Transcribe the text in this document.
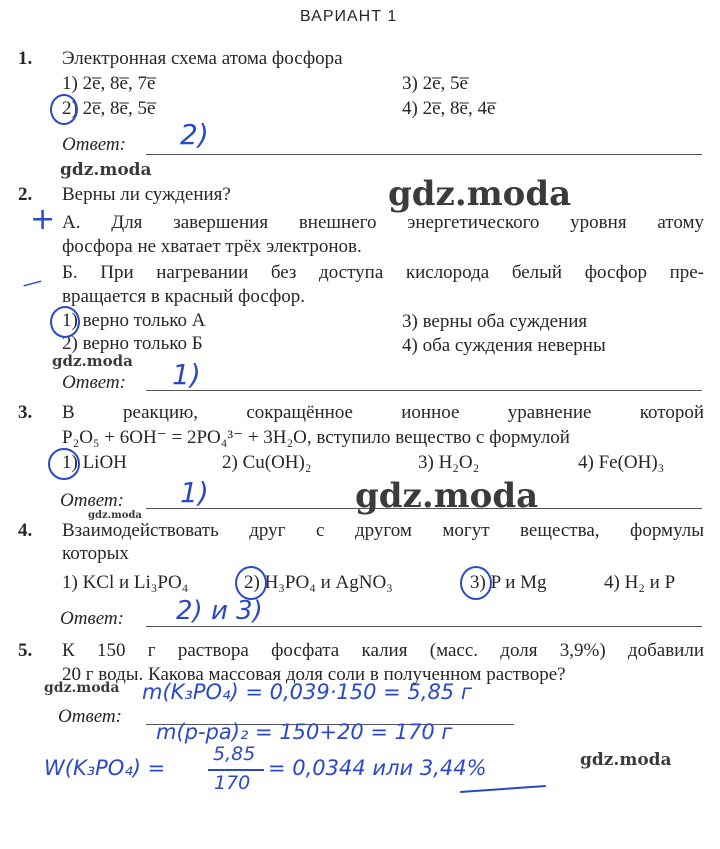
ВАРИАНТ 1
1. Электронная схема атома фосфора
1) 2e̅, 8e̅, 7e̅
2) 2e̅, 8e̅, 5e̅
3) 2e̅, 5e̅
4) 2e̅, 8e̅, 4e̅
Ответ: 2)
gdz.moda
2. Верны ли суждения?	gdz.moda
+ А. Для завершения внешнего энергетического уровня атому
фосфора не хватает трёх электронов.
— Б. При нагревании без доступа кислорода белый фосфор пре-
вращается в красный фосфор.
1) верно только А
2) верно только Б
3) верны оба суждения
4) оба суждения неверны
gdz.moda
Ответ: 1)
3. В реакцию, сокращённое ионное уравнение которой
P₂O₅ + 6OH⁻ = 2PO₄³⁻ + 3H₂O, вступило вещество с формулой
1) LiOH	2) Cu(OH)₂	3) H₂O₂	4) Fe(OH)₃
Ответ: 1)	gdz.moda
gdz.moda
4. Взаимодействовать друг с другом могут вещества, формулы
которых
1) KCl и Li₃PO₄	2) H₃PO₄ и AgNO₃	3) P и Mg	4) H₂ и P
Ответ: 2) и 3)
5. К 150 г раствора фосфата калия (масс. доля 3,9%) добавили
20 г воды. Какова массовая доля соли в полученном растворе?
gdz.moda m(K₃PO₄) = 0,039·150 = 5,85 г
Ответ:
m(р-ра)₂ = 150+20 = 170 г
W(K₃PO₄) =
5,85
170
= 0,0344 или 3,44%	gdz.moda
